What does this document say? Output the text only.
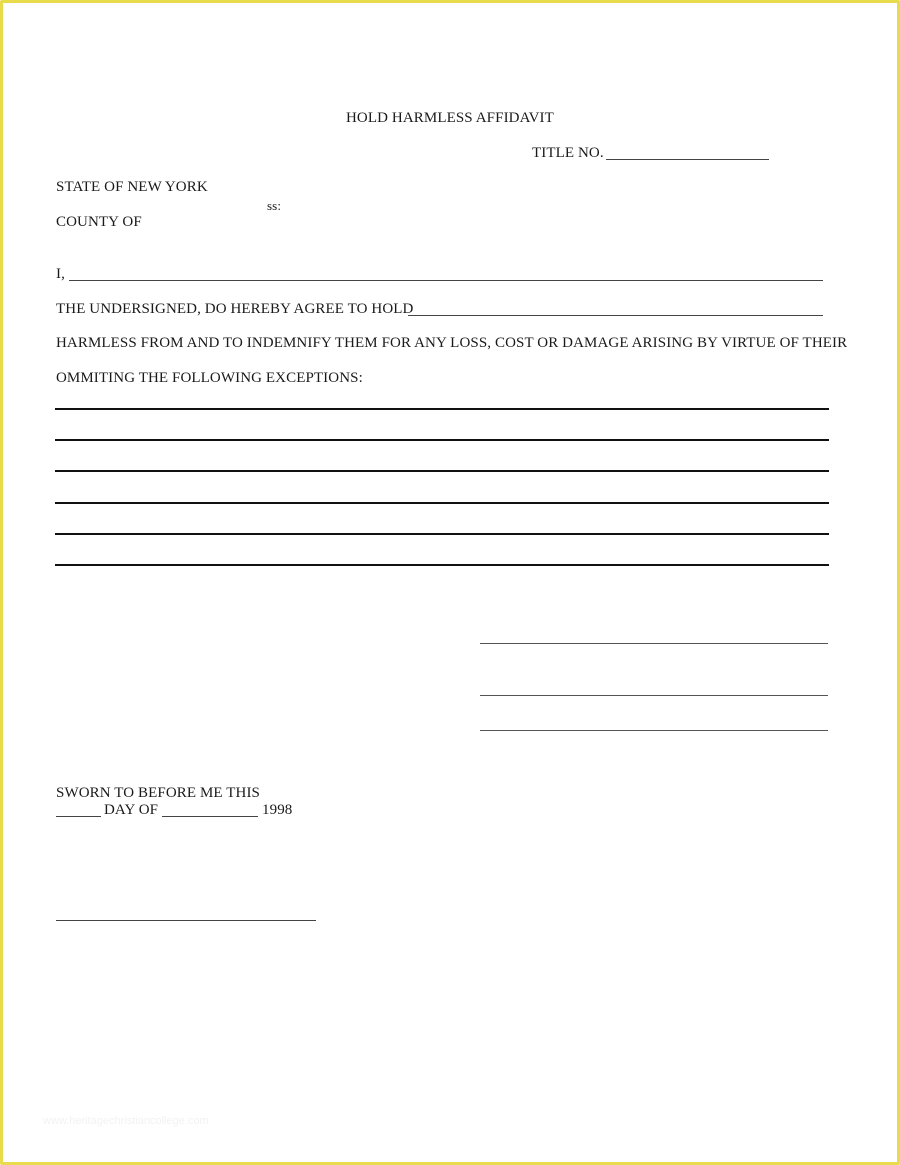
HOLD HARMLESS AFFIDAVIT
TITLE NO.
STATE OF NEW YORK
ss:
COUNTY OF
I,
THE UNDERSIGNED, DO HEREBY AGREE TO HOLD
HARMLESS FROM AND TO INDEMNIFY THEM FOR ANY LOSS, COST OR DAMAGE ARISING BY VIRTUE OF THEIR
OMMITING THE FOLLOWING EXCEPTIONS:
SWORN TO BEFORE ME THIS
DAY OF	1998
www.heritagechristiancollege.com
